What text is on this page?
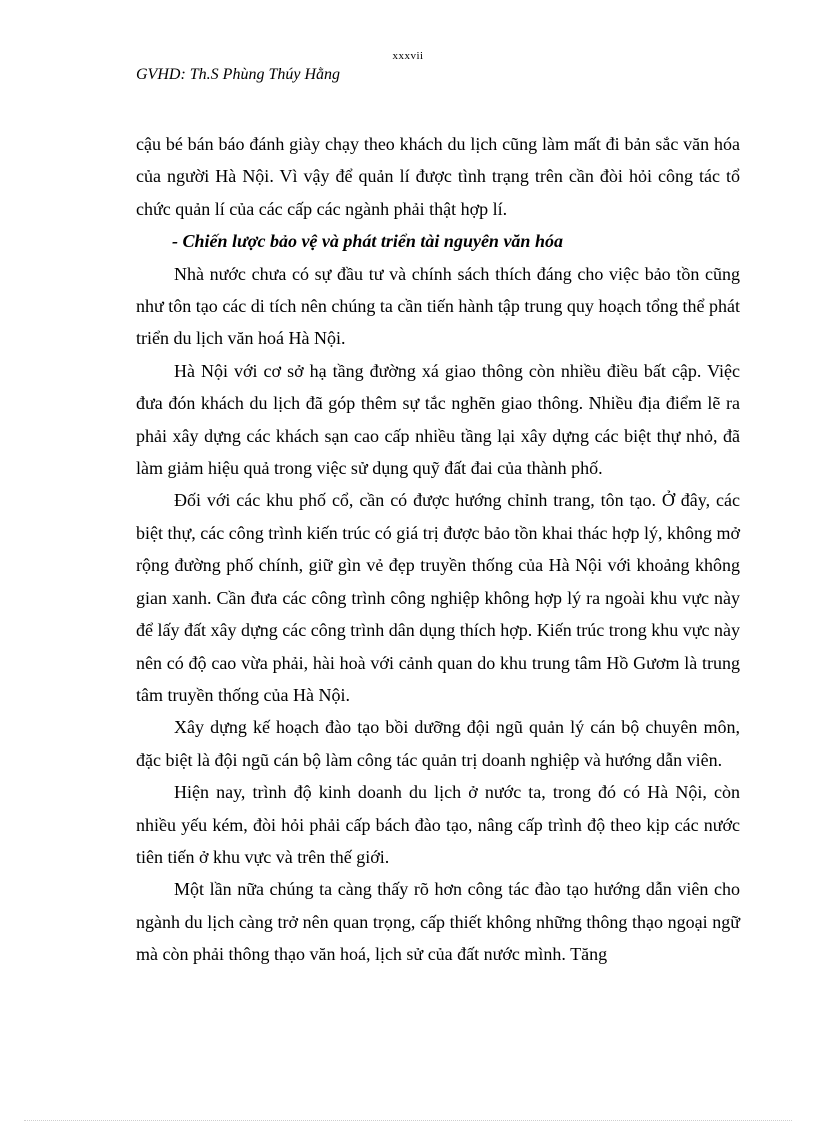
xxxvii
GVHD: Th.S Phùng Thúy Hằng

cậu bé bán báo đánh giày chạy theo khách du lịch cũng làm mất đi bản sắc văn hóa của người Hà Nội. Vì vậy để quản lí được tình trạng trên cần đòi hỏi công tác tổ chức quản lí của các cấp các ngành phải thật hợp lí.

- Chiến lược bảo vệ và phát triển tài nguyên văn hóa

Nhà nước chưa có sự đầu tư và chính sách thích đáng cho việc bảo tồn cũng như tôn tạo các di tích nên chúng ta cần tiến hành tập trung quy hoạch tổng thể phát triển du lịch văn hoá Hà Nội.

Hà Nội với cơ sở hạ tầng đường xá giao thông còn nhiều điều bất cập. Việc đưa đón khách du lịch đã góp thêm sự tắc nghẽn giao thông. Nhiều địa điểm lẽ ra phải xây dựng các khách sạn cao cấp nhiều tầng lại xây dựng các biệt thự nhỏ, đã làm giảm hiệu quả trong việc sử dụng quỹ đất đai của thành phố.

Đối với các khu phố cổ, cần có được hướng chỉnh trang, tôn tạo. Ở đây, các biệt thự, các công trình kiến trúc có giá trị được bảo tồn khai thác hợp lý, không mở rộng đường phố chính, giữ gìn vẻ đẹp truyền thống của Hà Nội với khoảng không gian xanh. Cần đưa các công trình công nghiệp không hợp lý ra ngoài khu vực này để lấy đất xây dựng các công trình dân dụng thích hợp. Kiến trúc trong khu vực này nên có độ cao vừa phải, hài hoà với cảnh quan do khu trung tâm Hồ Gươm là trung tâm truyền thống của Hà Nội.

Xây dựng kế hoạch đào tạo bồi dưỡng đội ngũ quản lý cán bộ chuyên môn, đặc biệt là đội ngũ cán bộ làm công tác quản trị doanh nghiệp và hướng dẫn viên.

Hiện nay, trình độ kinh doanh du lịch ở nước ta, trong đó có Hà Nội, còn nhiều yếu kém, đòi hỏi phải cấp bách đào tạo, nâng cấp trình độ theo kịp các nước tiên tiến ở khu vực và trên thế giới.

Một lần nữa chúng ta càng thấy rõ hơn công tác đào tạo hướng dẫn viên cho ngành du lịch càng trở nên quan trọng, cấp thiết không những thông thạo ngoại ngữ mà còn phải thông thạo văn hoá, lịch sử của đất nước mình. Tăng
